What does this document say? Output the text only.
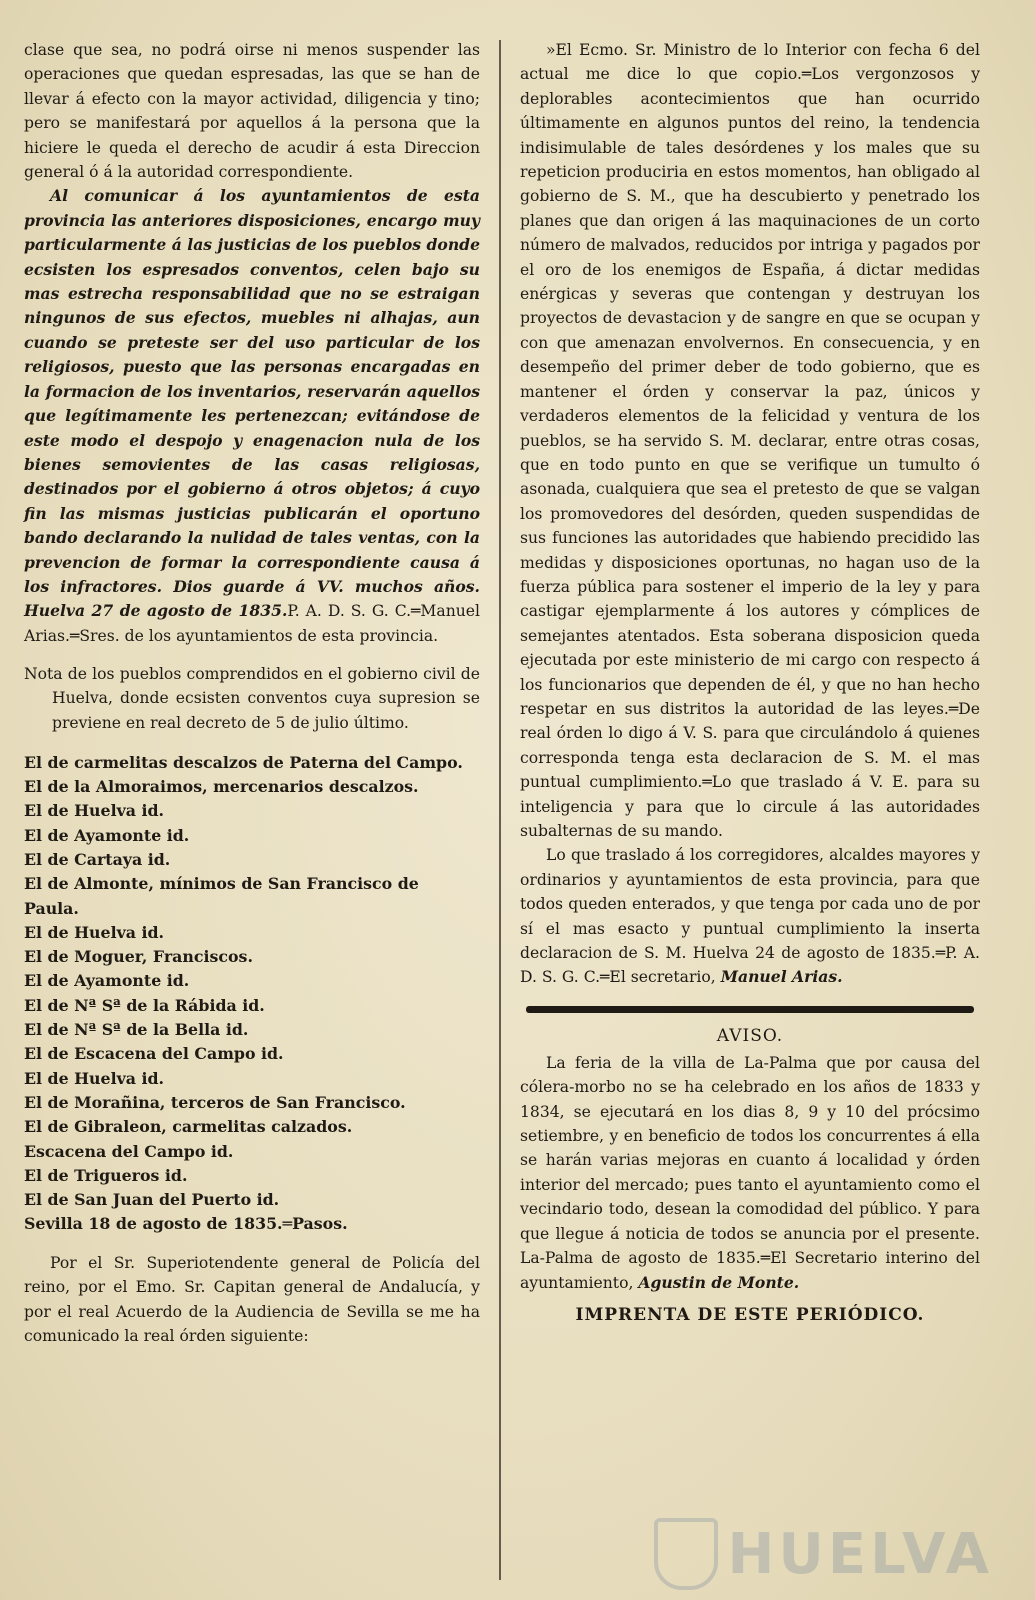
clase que sea, no podrá oirse ni menos suspender las operaciones que quedan espresadas, las que se han de llevar á efecto con la mayor actividad, diligencia y tino; pero se manifestará por aquellos á la persona que la hiciere le queda el derecho de acudir á esta Direccion general ó á la autoridad correspondiente.

Al comunicar á los ayuntamientos de esta provincia las anteriores disposiciones, encargo muy particularmente á las justicias de los pueblos donde ecsisten los espresados conventos, celen bajo su mas estrecha responsabilidad que no se estraigan ningunos de sus efectos, muebles ni alhajas, aun cuando se pretestе ser del uso particular de los religiosos, puesto que las personas encargadas en la formacion de los inventarios, reservarán aquellos que legítimamente les pertenezcan; evitándose de este modo el despojo y enagenacion nula de los bienes semovientes de las casas religiosas, destinados por el gobierno á otros objetos; á cuyo fin las mismas justicias publicarán el oportuno bando declarando la nulidad de tales ventas, con la prevencion de formar la correspondiente causa á los infractores. Dios guarde á VV. muchos años. Huelva 27 de agosto de 1835.P. A. D. S. G. C.═Manuel Arias.═Sres. de los ayuntamientos de esta provincia.

Nota de los pueblos comprendidos en el gobierno civil de Huelva, donde ecsisten conventos cuya supresion se previene en real decreto de 5 de julio último.

El de carmelitas descalzos de Paterna del Campo.
El de la Almoraimos, mercenarios descalzos.
El de Huelva id.
El de Ayamonte id.
El de Cartaya id.
El de Almonte, mínimos de San Francisco de
Paula.
El de Huelva id.
El de Moguer, Franciscos.
El de Ayamonte id.
El de Nª Sª de la Rábida id.
El de Nª Sª de la Bella id.
El de Escacena del Campo id.
El de Huelva id.
El de Morañina, terceros de San Francisco.
El de Gibraleon, carmelitas calzados.
Escacena del Campo id.
El de Trigueros id.
El de San Juan del Puerto id.
Sevilla 18 de agosto de 1835.═Pasos.

Por el Sr. Superiotendente general de Policía del reino, por el Emo. Sr. Capitan general de Andalucía, y por el real Acuerdo de la Audiencia de Sevilla se me ha comunicado la real órden siguiente:

»El Ecmo. Sr. Ministro de lo Interior con fecha 6 del actual me dice lo que copio.═Los vergonzosos y deplorables acontecimientos que han ocurrido últimamente en algunos puntos del reino, la tendencia indisimulable de tales desórdenes y los males que su repeticion produciria en estos momentos, han obligado al gobierno de S. M., que ha descubierto y penetrado los planes que dan origen á las maquinaciones de un corto número de malvados, reducidos por intriga y pagados por el oro de los enemigos de España, á dictar medidas enérgicas y severas que contengan y destruyan los proyectos de devastacion y de sangre en que se ocupan y con que amenazan envolvernos. En consecuencia, y en desempeño del primer deber de todo gobierno, que es mantener el órden y conservar la paz, únicos y verdaderos elementos de la felicidad y ventura de los pueblos, se ha servido S. M. declarar, entre otras cosas, que en todo punto en que se verifique un tumulto ó asonada, cualquiera que sea el pretesto de que se valgan los promovedores del desórden, queden suspendidas de sus funciones las autoridades que habiendo precidido las medidas y disposiciones oportunas, no hagan uso de la fuerza pública para sostener el imperio de la ley y para castigar ejemplarmente á los autores y cómplices de semejantes atentados. Esta soberana disposicion queda ejecutada por este ministerio de mi cargo con respecto á los funcionarios que dependen de él, y que no han hecho respetar en sus distritos la autoridad de las leyes.═De real órden lo digo á V. S. para que circulándolo á quienes corresponda tenga esta declaracion de S. M. el mas puntual cumplimiento.═Lo que traslado á V. E. para su inteligencia y para que lo circule á las autoridades subalternas de su mando.

Lo que traslado á los corregidores, alcaldes mayores y ordinarios y ayuntamientos de esta provincia, para que todos queden enterados, y que tenga por cada uno de por sí el mas esacto y puntual cumplimiento la inserta declaracion de S. M. Huelva 24 de agosto de 1835.═P. A. D. S. G. C.═El secretario, Manuel Arias.

AVISO.

La feria de la villa de La-Palma que por causa del cólera-morbo no se ha celebrado en los años de 1833 y 1834, se ejecutará en los dias 8, 9 y 10 del prócsimo setiembre, y en beneficio de todos los concurrentes á ella se harán varias mejoras en cuanto á localidad y órden interior del mercado; pues tanto el ayuntamiento como el vecindario todo, desean la comodidad del público. Y para que llegue á noticia de todos se anuncia por el presente. La-Palma de agosto de 1835.═El Secretario interino del ayuntamiento, Agustin de Monte.

IMPRENTA DE ESTE PERIÓDICO.
HUELVA
